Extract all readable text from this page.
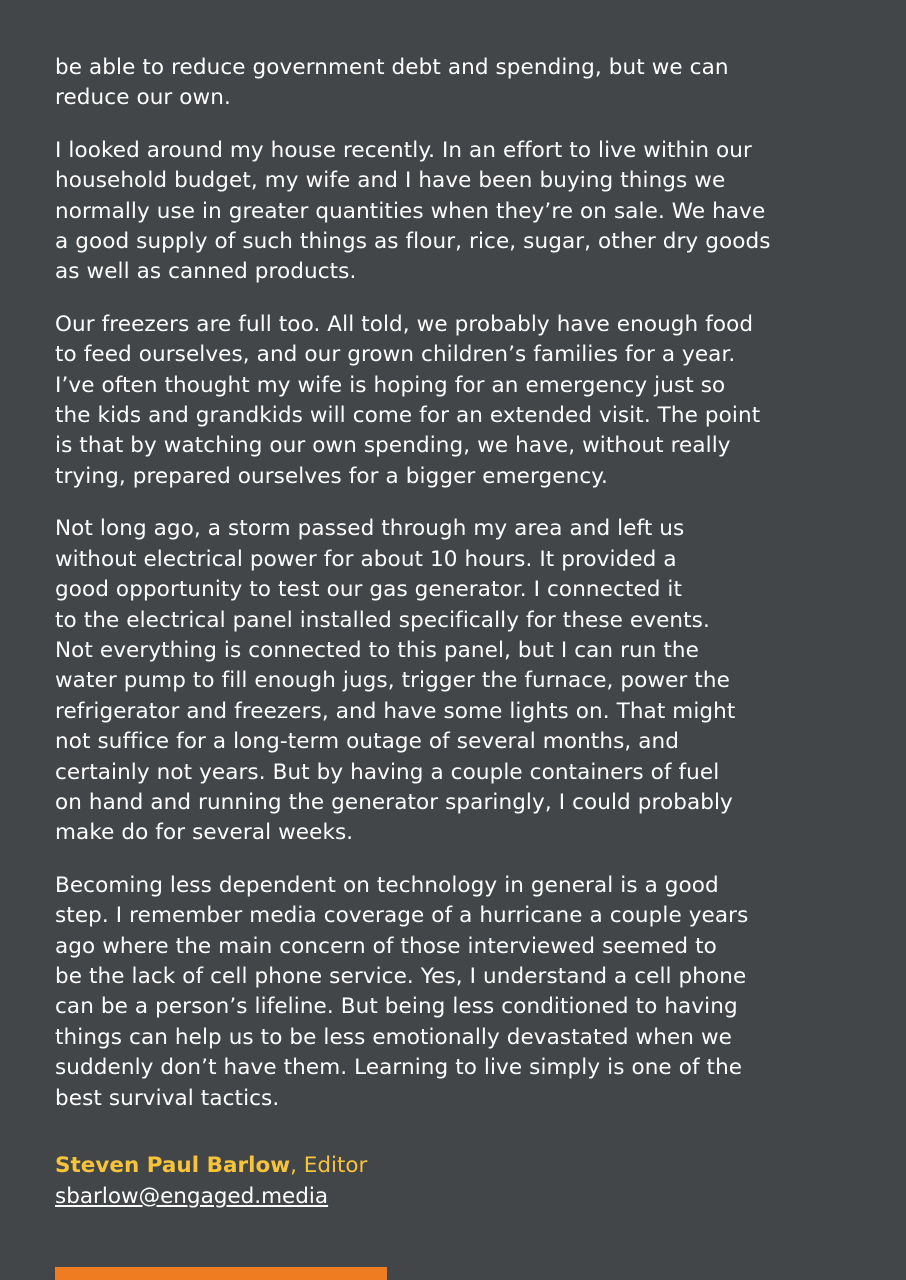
be able to reduce government debt and spending, but we can
reduce our own.

I looked around my house recently. In an effort to live within our
household budget, my wife and I have been buying things we
normally use in greater quantities when they’re on sale. We have
a good supply of such things as flour, rice, sugar, other dry goods
as well as canned products.

Our freezers are full too. All told, we probably have enough food
to feed ourselves, and our grown children’s families for a year.
I’ve often thought my wife is hoping for an emergency just so
the kids and grandkids will come for an extended visit. The point
is that by watching our own spending, we have, without really
trying, prepared ourselves for a bigger emergency.

Not long ago, a storm passed through my area and left us
without electrical power for about 10 hours. It provided a
good opportunity to test our gas generator. I connected it
to the electrical panel installed specifically for these events.
Not everything is connected to this panel, but I can run the
water pump to fill enough jugs, trigger the furnace, power the
refrigerator and freezers, and have some lights on. That might
not suffice for a long-term outage of several months, and
certainly not years. But by having a couple containers of fuel
on hand and running the generator sparingly, I could probably
make do for several weeks.

Becoming less dependent on technology in general is a good
step. I remember media coverage of a hurricane a couple years
ago where the main concern of those interviewed seemed to
be the lack of cell phone service. Yes, I understand a cell phone
can be a person’s lifeline. But being less conditioned to having
things can help us to be less emotionally devastated when we
suddenly don’t have them. Learning to live simply is one of the
best survival tactics.

Steven Paul Barlow, Editor
sbarlow@engaged.media
